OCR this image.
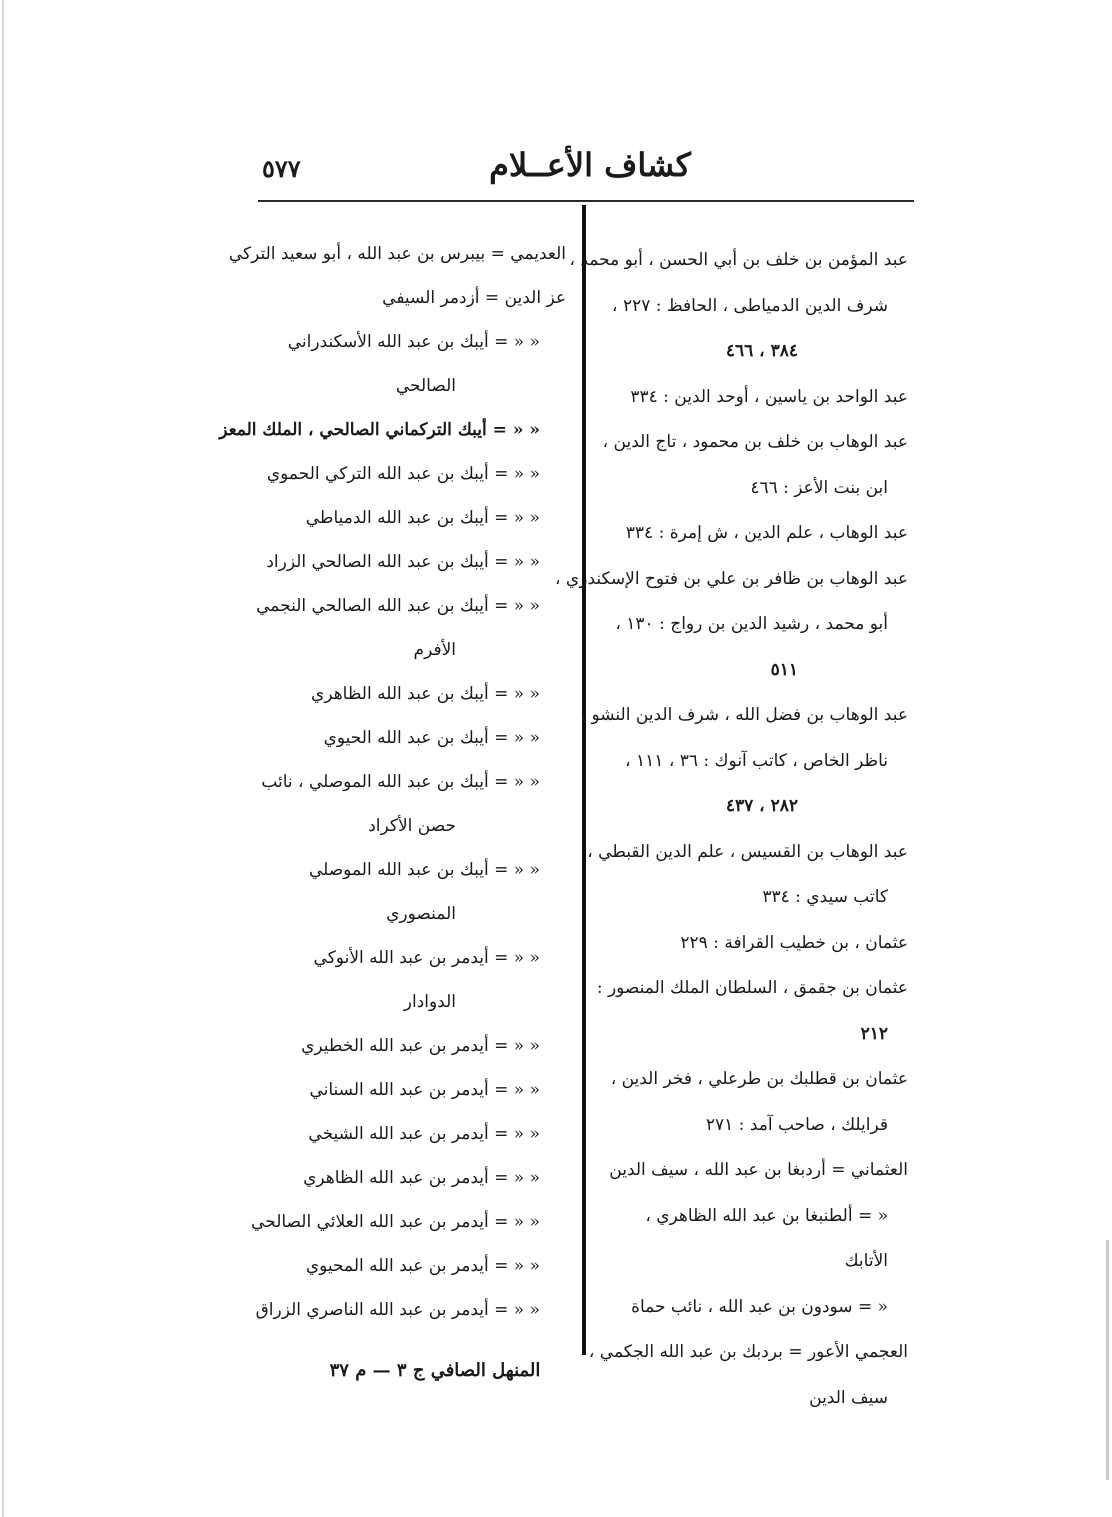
كشاف الأعــلام
٥٧٧
عبد المؤمن بن خلف بن أبي الحسن ، أبو محمد ،
شرف الدين الدمياطى ، الحافظ : ٢٢٧ ،
٣٨٤ ، ٤٦٦
عبد الواحد بن ياسين ، أوحد الدين : ٣٣٤
عبد الوهاب بن خلف بن محمود ، تاج الدين ،
ابن بنت الأعز : ٤٦٦
عبد الوهاب ، علم الدين ، ش إمرة : ٣٣٤
عبد الوهاب بن ظافر بن علي بن فتوح الإسكندري ،
أبو محمد ، رشيد الدين بن رواج : ١٣٠ ،
٥١١
عبد الوهاب بن فضل الله ، شرف الدين النشو ،
ناظر الخاص ، كاتب آنوك : ٣٦ ، ١١١ ،
٢٨٢ ، ٤٣٧
عبد الوهاب بن القسيس ، علم الدين القبطي ،
كاتب سيدي : ٣٣٤
عثمان ، بن خطيب القرافة : ٢٢٩
عثمان بن جقمق ، السلطان الملك المنصور :
٢١٢
عثمان بن قطلبك بن طرعلي ، فخر الدين ،
قرايلك ، صاحب آمد : ٢٧١
العثماني = أردبغا بن عبد الله ، سيف الدين
« = ألطنبغا بن عبد الله الظاهري ،
الأتابك
« = سودون بن عبد الله ، نائب حماة
العجمي الأعور = بردبك بن عبد الله الجكمي ،
سيف الدين
العديمي = بيبرس بن عبد الله ، أبو سعيد التركي
عز الدين = أزدمر السيفي
« « = أيبك بن عبد الله الأسكندراني
الصالحي
« « = أيبك التركماني الصالحي ، الملك المعز
« « = أيبك بن عبد الله التركي الحموي
« « = أيبك بن عبد الله الدمياطي
« « = أيبك بن عبد الله الصالحي الزراد
« « = أيبك بن عبد الله الصالحي النجمي
الأفرم
« « = أيبك بن عبد الله الظاهري
« « = أيبك بن عبد الله الحيوي
« « = أيبك بن عبد الله الموصلي ، نائب
حصن الأكراد
« « = أيبك بن عبد الله الموصلي
المنصوري
« « = أيدمر بن عبد الله الأنوكي
الدوادار
« « = أيدمر بن عبد الله الخطيري
« « = أيدمر بن عبد الله السناني
« « = أيدمر بن عبد الله الشيخي
« « = أيدمر بن عبد الله الظاهري
« « = أيدمر بن عبد الله العلائي الصالحي
« « = أيدمر بن عبد الله المحيوي
« « = أيدمر بن عبد الله الناصري الزراق
المنهل الصافي ج ٣ — م ٣٧
